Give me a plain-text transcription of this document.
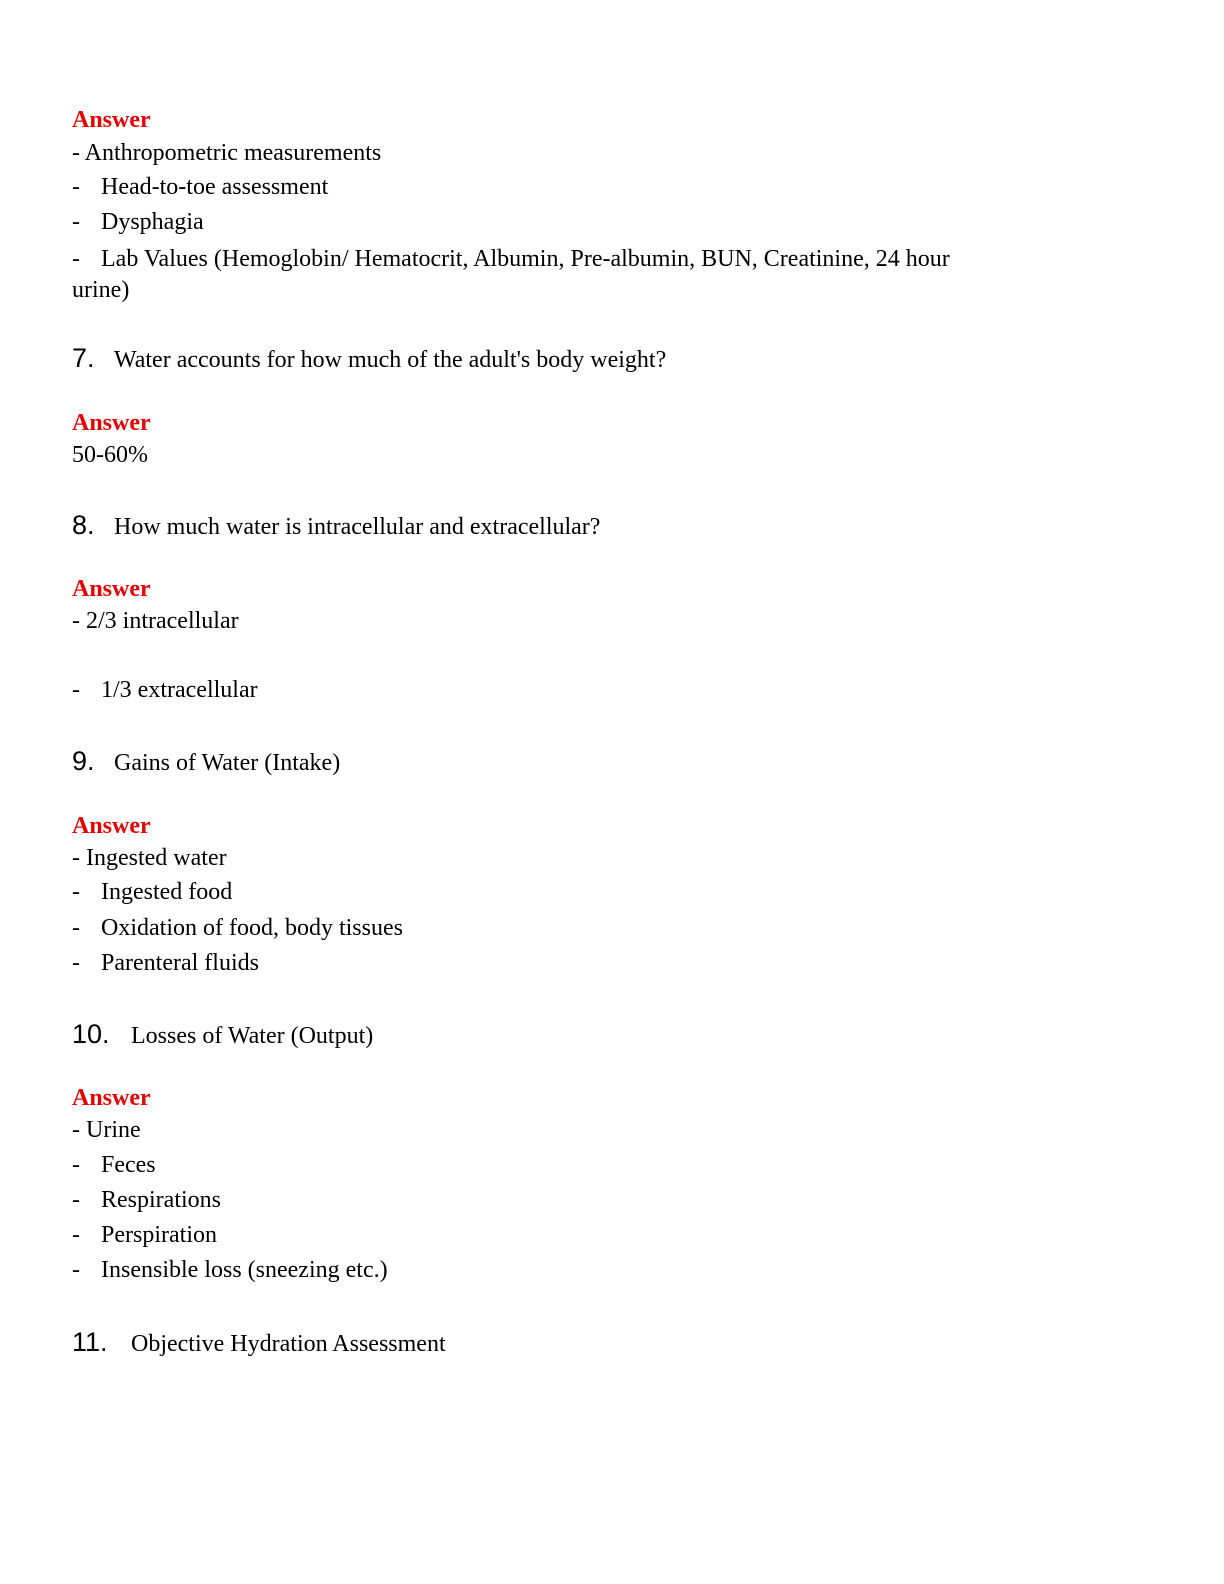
Answer
- Anthropometric measurements
- Head-to-toe assessment
- Dysphagia
- Lab Values (Hemoglobin/ Hematocrit, Albumin, Pre-albumin, BUN, Creatinine, 24 hour
urine)
7. Water accounts for how much of the adult's body weight?
Answer
50-60%
8. How much water is intracellular and extracellular?
Answer
- 2/3 intracellular
- 1/3 extracellular
9. Gains of Water (Intake)
Answer
- Ingested water
- Ingested food
- Oxidation of food, body tissues
- Parenteral fluids
10. Losses of Water (Output)
Answer
- Urine
- Feces
- Respirations
- Perspiration
- Insensible loss (sneezing etc.)
11. Objective Hydration Assessment
